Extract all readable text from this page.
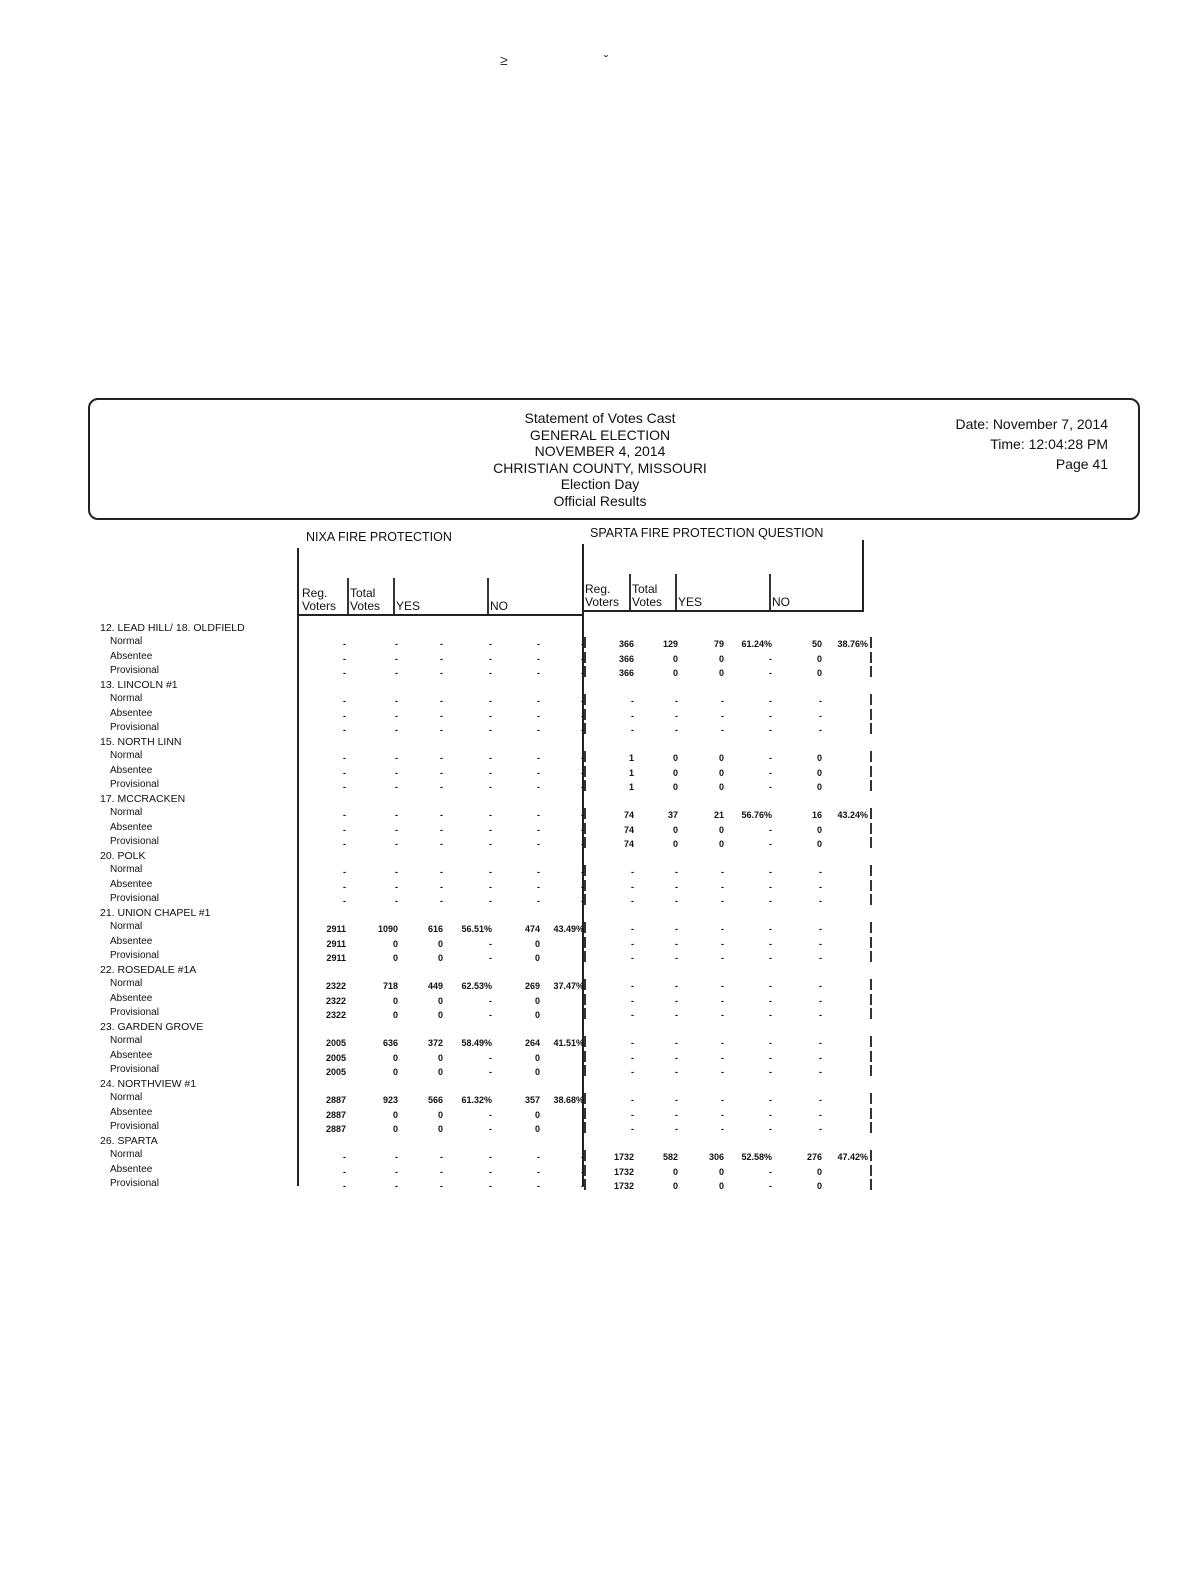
≥ ˇ
Statement of Votes Cast
GENERAL ELECTION
NOVEMBER 4, 2014
CHRISTIAN COUNTY, MISSOURI
Election Day
Official Results
Date: November 7, 2014
Time: 12:04:28 PM
Page 41
NIXA FIRE PROTECTION	SPARTA FIRE PROTECTION QUESTION
Reg.
Voters
Total
Votes YES	NO
Reg.
Voters
Total
Votes YES	NO
12. LEAD HILL/ 18. OLDFIELD
Normal	-	-	-	-	-	-	366	129	79	61.24%	50	38.76%
Absentee	-	-	-	-	-	-	366	0	0	-	0
Provisional	-	-	-	-	-	-	366	0	0	-	0
13. LINCOLN #1
Normal	-	-	-	-	-	-	-	-	-	-	-
Absentee	-	-	-	-	-	-	-	-	-	-	-
Provisional	-	-	-	-	-	-	-	-	-	-	-
15. NORTH LINN
Normal	-	-	-	-	-	-	1	0	0	-	0
Absentee	-	-	-	-	-	-	1	0	0	-	0
Provisional	-	-	-	-	-	-	1	0	0	-	0
17. MCCRACKEN
Normal	-	-	-	-	-	-	74	37	21	56.76%	16	43.24%
Absentee	-	-	-	-	-	-	74	0	0	-	0
Provisional	-	-	-	-	-	-	74	0	0	-	0
20. POLK
Normal	-	-	-	-	-	-	-	-	-	-	-
Absentee	-	-	-	-	-	-	-	-	-	-	-
Provisional	-	-	-	-	-	-	-	-	-	-	-
21. UNION CHAPEL #1
Normal	2911	1090	616	56.51%	474	43.49%	-	-	-	-	-
Absentee	2911	0	0	-	0	-	-	-	-	-
Provisional	2911	0	0	-	0	-	-	-	-	-
22. ROSEDALE #1A
Normal	2322	718	449	62.53%	269	37.47%	-	-	-	-	-
Absentee	2322	0	0	-	0	-	-	-	-	-
Provisional	2322	0	0	-	0	-	-	-	-	-
23. GARDEN GROVE
Normal	2005	636	372	58.49%	264	41.51%	-	-	-	-	-
Absentee	2005	0	0	-	0	-	-	-	-	-
Provisional	2005	0	0	-	0	-	-	-	-	-
24. NORTHVIEW #1
Normal	2887	923	566	61.32%	357	38.68%	-	-	-	-	-
Absentee	2887	0	0	-	0	-	-	-	-	-
Provisional	2887	0	0	-	0	-	-	-	-	-
26. SPARTA
Normal	-	-	-	-	-	-	1732	582	306	52.58%	276	47.42%
Absentee	-	-	-	-	-	-	1732	0	0	-	0
Provisional	-	-	-	-	-	-	1732	0	0	-	0
